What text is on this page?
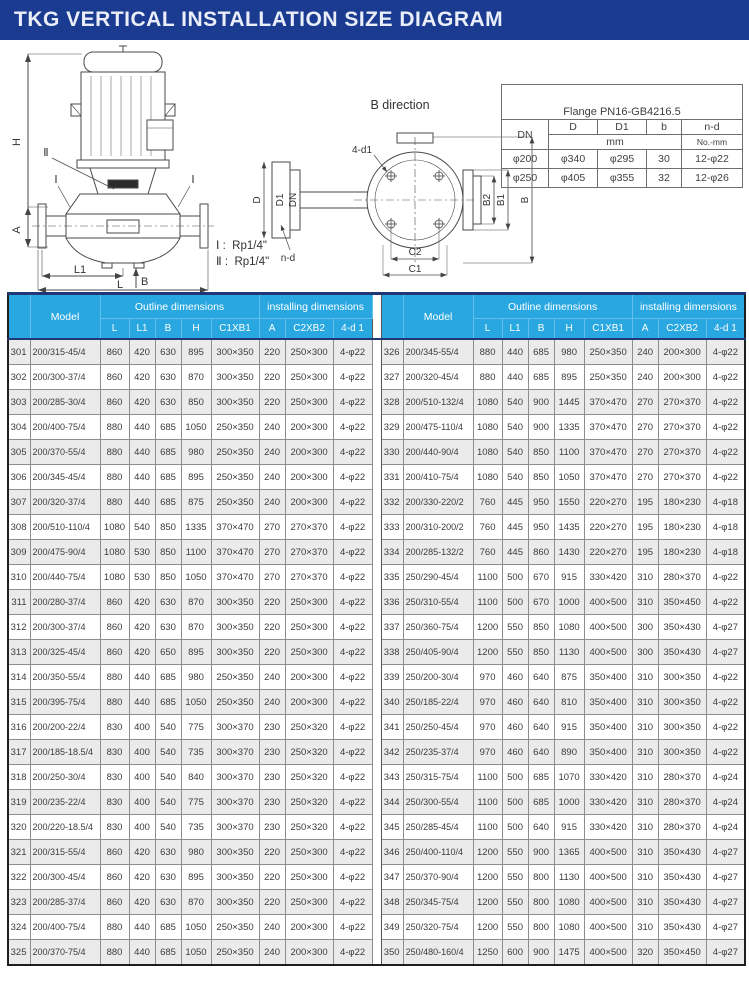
TKG VERTICAL INSTALLATION SIZE DIAGRAM
H
A
L1
L B
Ⅱ
Ⅰ	Ⅰ
B direction
4-d1
D D1 DN
n-d
C2
C1
B2 B1 B
Ⅰ :  Rp1/4"
Ⅱ :  Rp1/4"
Flange PN16-GB4216.5				
DN	D	D1	b	n-d
	mm			No.-mm
φ200	φ340	φ295	30	12-φ22
φ250	φ405	φ355	32	12-φ26
	Model	Outline dimensions					installing dimensions					Model	Outline dimensions					installing dimensions		
		L	L1	B	H	C1XB1	A	C2XB2	4-d 1				L	L1	B	H	C1XB1	A	C2XB2	4-d 1
301	200/315-45/4	860	420	630	895	300×350	220	250×300	4-φ22		326	200/345-55/4	880	440	685	980	250×350	240	200×300	4-φ22
302	200/300-37/4	860	420	630	870	300×350	220	250×300	4-φ22		327	200/320-45/4	880	440	685	895	250×350	240	200×300	4-φ22
303	200/285-30/4	860	420	630	850	300×350	220	250×300	4-φ22		328	200/510-132/4	1080	540	900	1445	370×470	270	270×370	4-φ22
304	200/400-75/4	880	440	685	1050	250×350	240	200×300	4-φ22		329	200/475-110/4	1080	540	900	1335	370×470	270	270×370	4-φ22
305	200/370-55/4	880	440	685	980	250×350	240	200×300	4-φ22		330	200/440-90/4	1080	540	850	1100	370×470	270	270×370	4-φ22
306	200/345-45/4	880	440	685	895	250×350	240	200×300	4-φ22		331	200/410-75/4	1080	540	850	1050	370×470	270	270×370	4-φ22
307	200/320-37/4	880	440	685	875	250×350	240	200×300	4-φ22		332	200/330-220/2	760	445	950	1550	220×270	195	180×230	4-φ18
308	200/510-110/4	1080	540	850	1335	370×470	270	270×370	4-φ22		333	200/310-200/2	760	445	950	1435	220×270	195	180×230	4-φ18
309	200/475-90/4	1080	530	850	1100	370×470	270	270×370	4-φ22		334	200/285-132/2	760	445	860	1430	220×270	195	180×230	4-φ18
310	200/440-75/4	1080	530	850	1050	370×470	270	270×370	4-φ22		335	250/290-45/4	1100	500	670	915	330×420	310	280×370	4-φ22
311	200/280-37/4	860	420	630	870	300×350	220	250×300	4-φ22		336	250/310-55/4	1100	500	670	1000	400×500	310	350×450	4-φ22
312	200/300-37/4	860	420	630	870	300×350	220	250×300	4-φ22		337	250/360-75/4	1200	550	850	1080	400×500	300	350×430	4-φ27
313	200/325-45/4	860	420	650	895	300×350	220	250×300	4-φ22		338	250/405-90/4	1200	550	850	1130	400×500	300	350×430	4-φ27
314	200/350-55/4	880	440	685	980	250×350	240	200×300	4-φ22		339	250/200-30/4	970	460	640	875	350×400	310	300×350	4-φ22
315	200/395-75/4	880	440	685	1050	250×350	240	200×300	4-φ22		340	250/185-22/4	970	460	640	810	350×400	310	300×350	4-φ22
316	200/200-22/4	830	400	540	775	300×370	230	250×320	4-φ22		341	250/250-45/4	970	460	640	915	350×400	310	300×350	4-φ22
317	200/185-18.5/4	830	400	540	735	300×370	230	250×320	4-φ22		342	250/235-37/4	970	460	640	890	350×400	310	300×350	4-φ22
318	200/250-30/4	830	400	540	840	300×370	230	250×320	4-φ22		343	250/315-75/4	1100	500	685	1070	330×420	310	280×370	4-φ24
319	200/235-22/4	830	400	540	775	300×370	230	250×320	4-φ22		344	250/300-55/4	1100	500	685	1000	330×420	310	280×370	4-φ24
320	200/220-18.5/4	830	400	540	735	300×370	230	250×320	4-φ22		345	250/285-45/4	1100	500	640	915	330×420	310	280×370	4-φ24
321	200/315-55/4	860	420	630	980	300×350	220	250×300	4-φ22		346	250/400-110/4	1200	550	900	1365	400×500	310	350×430	4-φ27
322	200/300-45/4	860	420	630	895	300×350	220	250×300	4-φ22		347	250/370-90/4	1200	550	800	1130	400×500	310	350×430	4-φ27
323	200/285-37/4	860	420	630	870	300×350	220	250×300	4-φ22		348	250/345-75/4	1200	550	800	1080	400×500	310	350×430	4-φ27
324	200/400-75/4	880	440	685	1050	250×350	240	200×300	4-φ22		349	250/320-75/4	1200	550	800	1080	400×500	310	350×430	4-φ27
325	200/370-75/4	880	440	685	1050	250×350	240	200×300	4-φ22		350	250/480-160/4	1250	600	900	1475	400×500	320	350×450	4-φ27
